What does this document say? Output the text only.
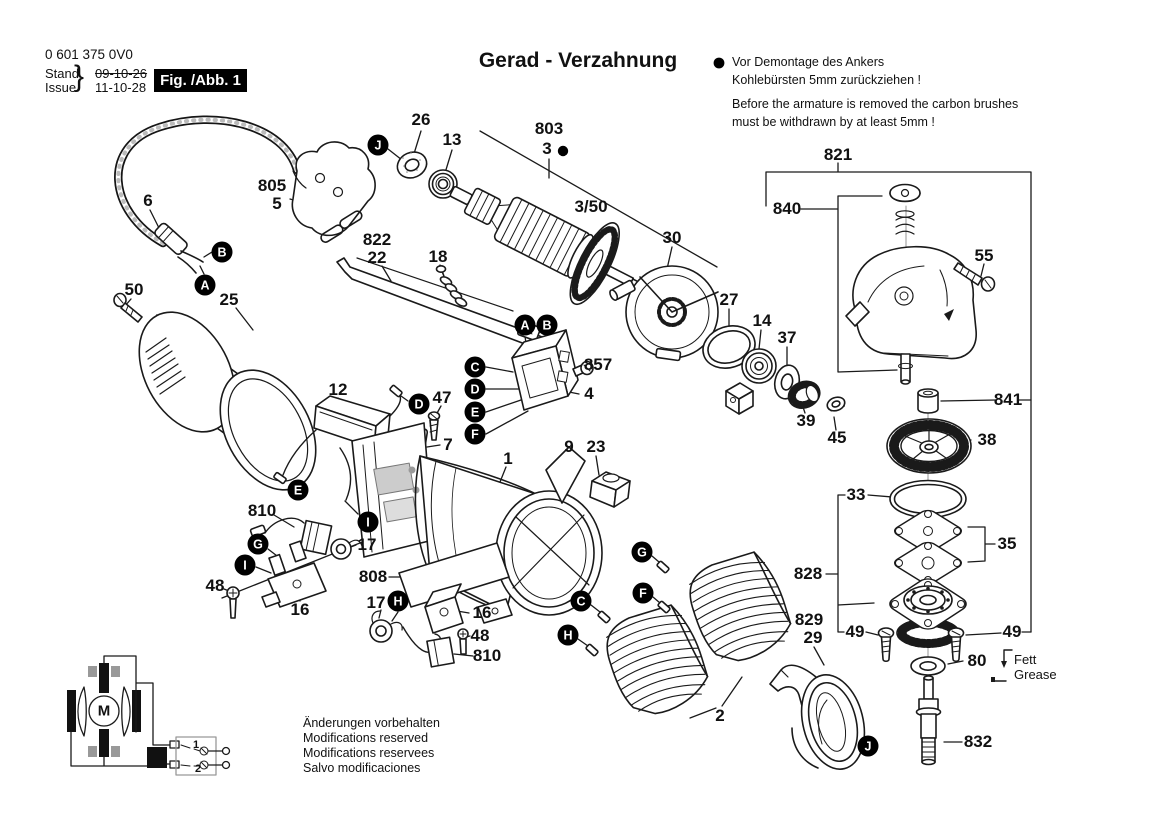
0 601 375 0V0
Stand
Issue
} 09-10-26
11-10-28 Fig. /Abb. 1
Gerad - Verzahnung	Vor Demontage des Ankers
Kohlebürsten 5mm zurückziehen !
Before the armature is removed the carbon brushes
must be withdrawn by at least 5mm !
Änderungen vorbehalten
Modifications reserved
Modifications reservees
Salvo modificaciones
Fett
Grease
26
13
803
3
3/50
805
5
6
50
25
822
22 18
30
27
14
37
39
45
821
840
55
841
38
33
35
828
49	49
80
832
829
29
857
4
12	47
7
1
9 23
810
17
48
16
808
17
16
48
810
2
J
B
A
A	B
C
D
E
F
D
E
I
G
I
H	C
H
G
F
J
M
1
2
